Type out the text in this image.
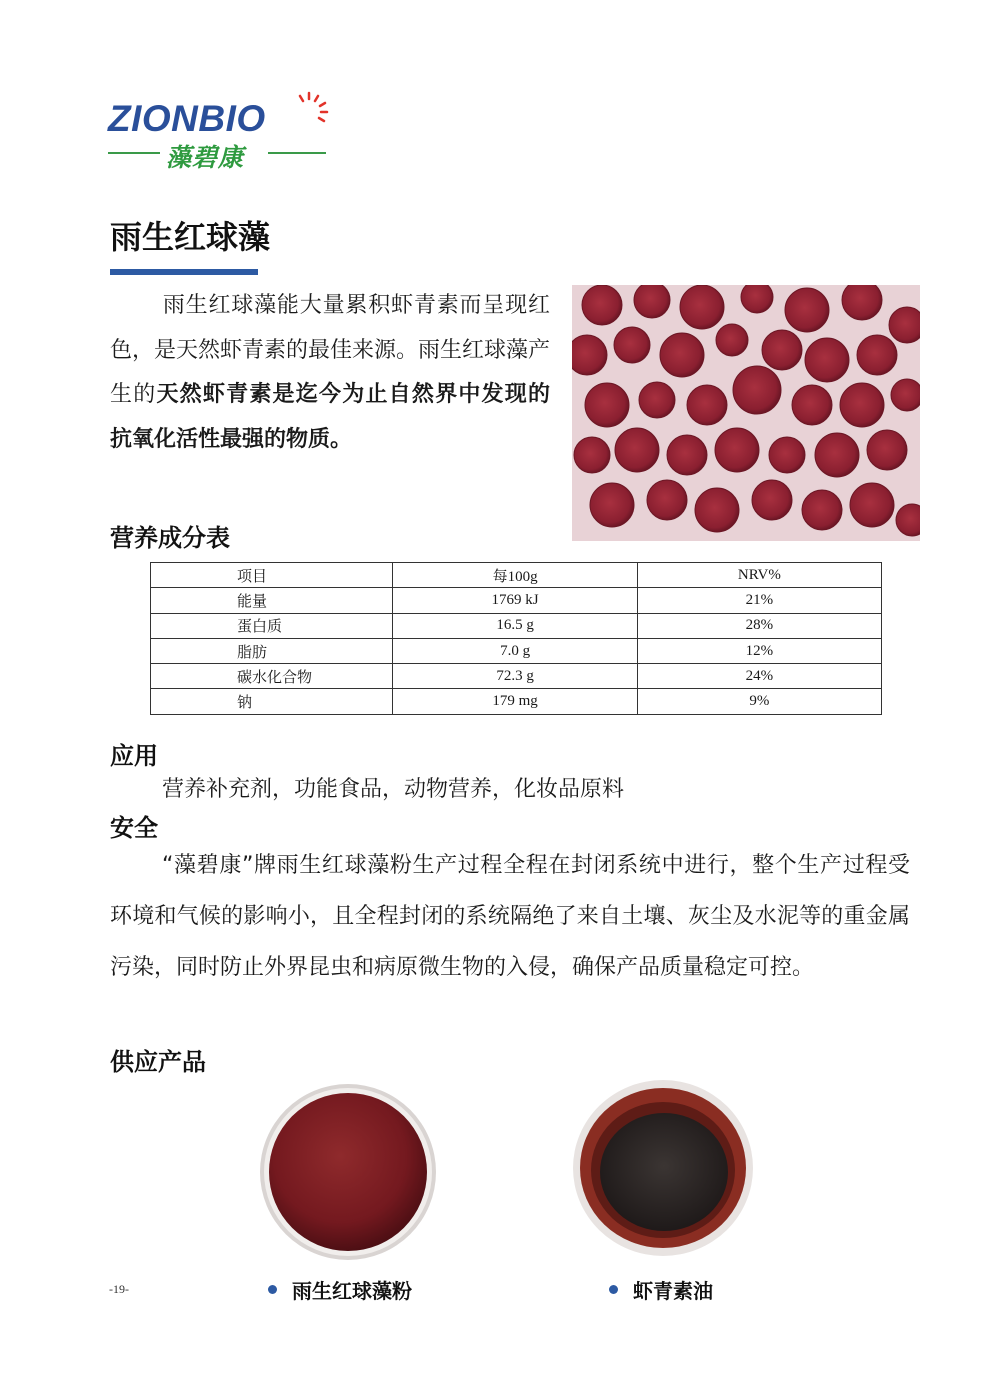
ZIONBIO
藻碧康
雨生红球藻

雨生红球藻能大量累积虾青素而呈现红色，是天然虾青素的最佳来源。雨生红球藻产生的天然虾青素是迄今为止自然界中发现的抗氧化活性最强的物质。

营养成分表
项目	每100g	NRV%
能量	1769 kJ	21%
蛋白质	16.5 g	28%
脂肪	7.0 g	12%
碳水化合物	72.3 g	24%
钠	179 mg	9%
应用

营养补充剂，功能食品，动物营养，化妆品原料

安全

“藻碧康”牌雨生红球藻粉生产过程全程在封闭系统中进行，整个生产过程受环境和气候的影响小，且全程封闭的系统隔绝了来自土壤、灰尘及水泥等的重金属污染，同时防止外界昆虫和病原微生物的入侵，确保产品质量稳定可控。

供应产品
雨生红球藻粉	虾青素油
-19-
